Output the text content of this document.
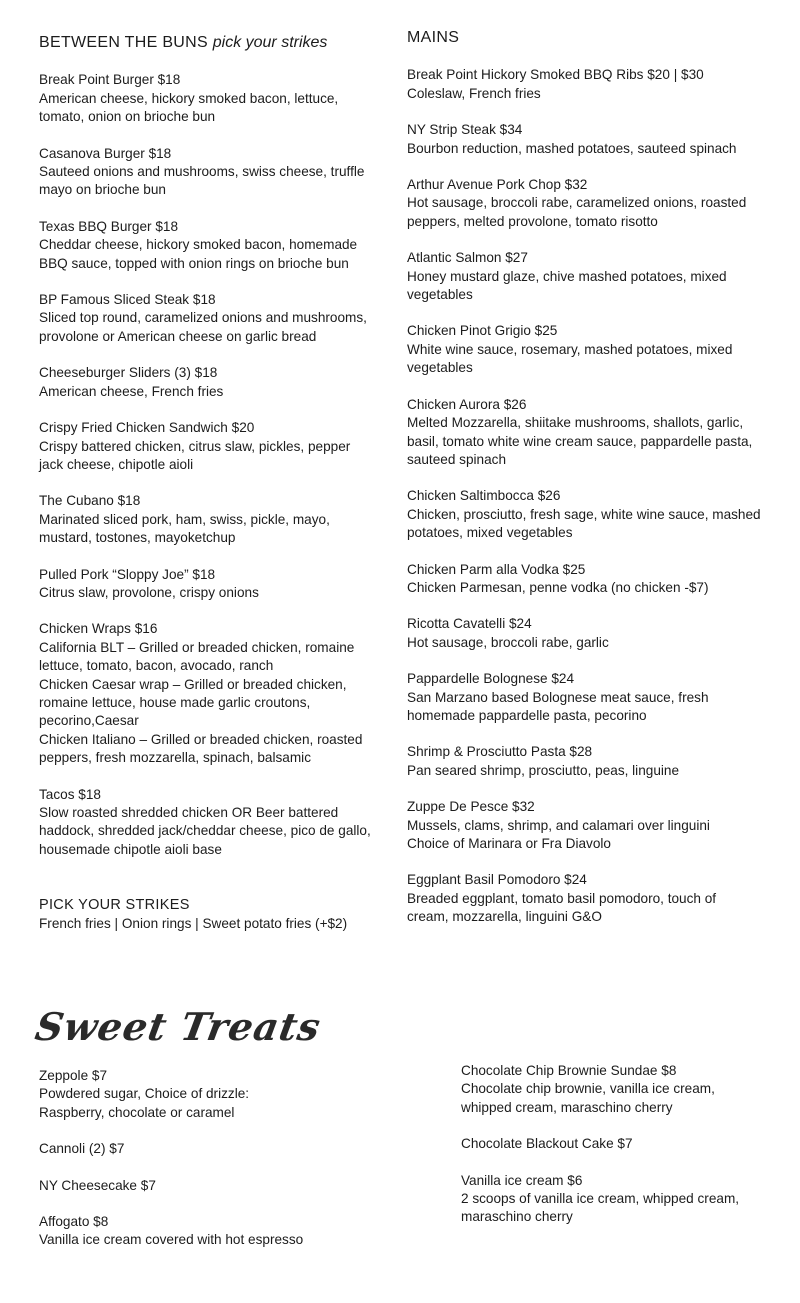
BETWEEN THE BUNS pick your strikes
Break Point Burger $18
American cheese, hickory smoked bacon, lettuce,
tomato, onion on brioche bun
Casanova Burger $18
Sauteed onions and mushrooms, swiss cheese, truffle
mayo on brioche bun
Texas BBQ Burger $18
Cheddar cheese, hickory smoked bacon, homemade
BBQ sauce, topped with onion rings on brioche bun
BP Famous Sliced Steak $18
Sliced top round, caramelized onions and mushrooms,
provolone or American cheese on garlic bread
Cheeseburger Sliders (3) $18
American cheese, French fries
Crispy Fried Chicken Sandwich $20
Crispy battered chicken, citrus slaw, pickles, pepper
jack cheese, chipotle aioli
The Cubano $18
Marinated sliced pork, ham, swiss, pickle, mayo,
mustard, tostones, mayoketchup
Pulled Pork “Sloppy Joe” $18
Citrus slaw, provolone, crispy onions
Chicken Wraps $16
California BLT – Grilled or breaded chicken, romaine
lettuce, tomato, bacon, avocado, ranch
Chicken Caesar wrap – Grilled or breaded chicken,
romaine lettuce, house made garlic croutons,
pecorino,Caesar
Chicken Italiano – Grilled or breaded chicken, roasted
peppers, fresh mozzarella, spinach, balsamic
Tacos $18
Slow roasted shredded chicken OR Beer battered
haddock, shredded jack/cheddar cheese, pico de gallo,
housemade chipotle aioli base
PICK YOUR STRIKES
French fries | Onion rings | Sweet potato fries (+$2)
MAINS
Break Point Hickory Smoked BBQ Ribs $20 | $30
Coleslaw, French fries
NY Strip Steak $34
Bourbon reduction, mashed potatoes, sauteed spinach
Arthur Avenue Pork Chop $32
Hot sausage, broccoli rabe, caramelized onions, roasted
peppers, melted provolone, tomato risotto
Atlantic Salmon $27
Honey mustard glaze, chive mashed potatoes, mixed
vegetables
Chicken Pinot Grigio $25
White wine sauce, rosemary, mashed potatoes, mixed
vegetables
Chicken Aurora $26
Melted Mozzarella, shiitake mushrooms, shallots, garlic,
basil, tomato white wine cream sauce, pappardelle pasta,
sauteed spinach
Chicken Saltimbocca $26
Chicken, prosciutto, fresh sage, white wine sauce, mashed
potatoes, mixed vegetables
Chicken Parm alla Vodka $25
Chicken Parmesan, penne vodka (no chicken -$7)
Ricotta Cavatelli $24
Hot sausage, broccoli rabe, garlic
Pappardelle Bolognese $24
San Marzano based Bolognese meat sauce, fresh
homemade pappardelle pasta, pecorino
Shrimp & Prosciutto Pasta $28
Pan seared shrimp, prosciutto, peas, linguine
Zuppe De Pesce $32
Mussels, clams, shrimp, and calamari over linguini
Choice of Marinara or Fra Diavolo
Eggplant Basil Pomodoro $24
Breaded eggplant, tomato basil pomodoro, touch of
cream, mozzarella, linguini G&O
Sweet Treats
Zeppole $7
Powdered sugar, Choice of drizzle:
Raspberry, chocolate or caramel
Cannoli (2) $7
NY Cheesecake $7
Affogato $8
Vanilla ice cream covered with hot espresso
Chocolate Chip Brownie Sundae $8
Chocolate chip brownie, vanilla ice cream,
whipped cream, maraschino cherry
Chocolate Blackout Cake $7
Vanilla ice cream $6
2 scoops of vanilla ice cream, whipped cream,
maraschino cherry
